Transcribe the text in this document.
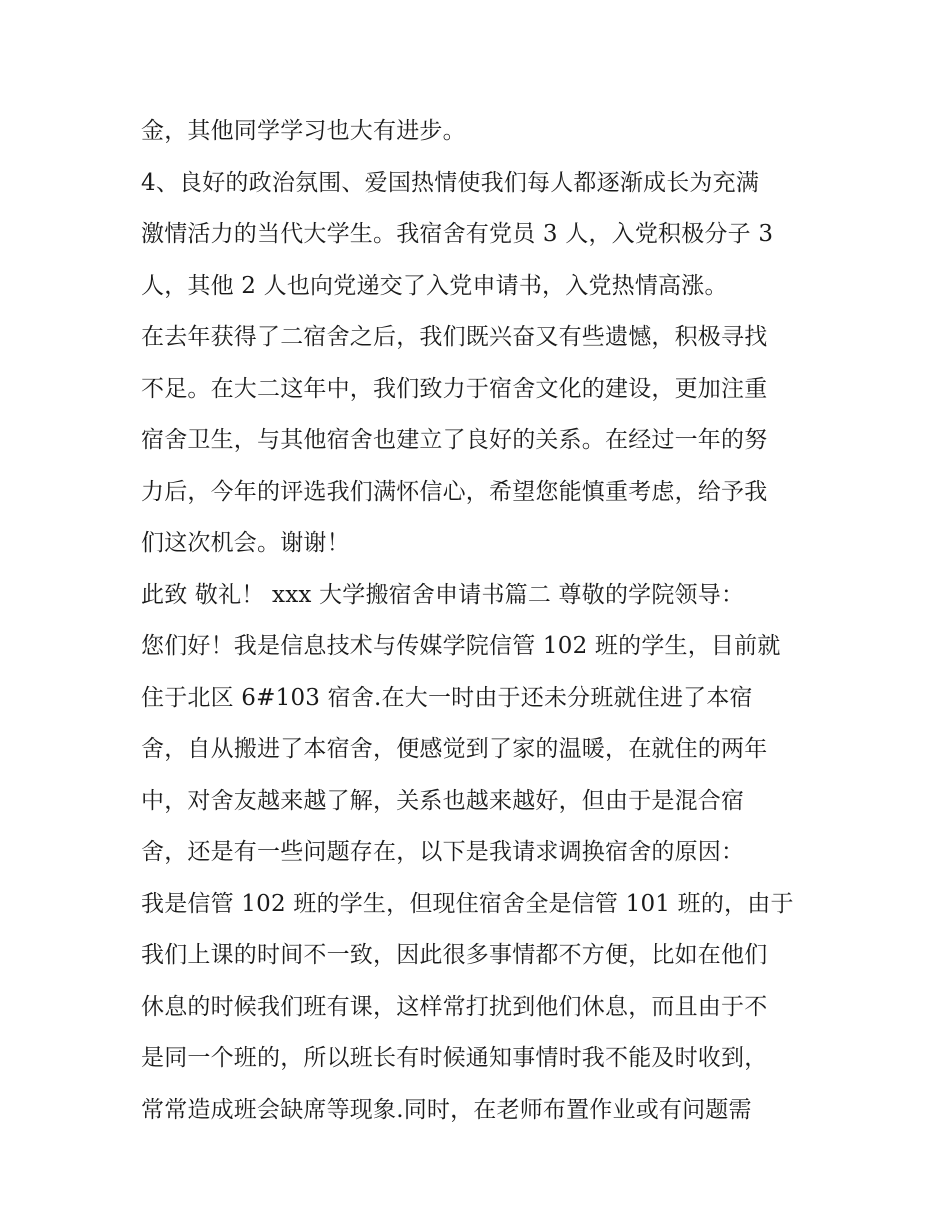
金，其他同学学习也大有进步。
4、良好的政治氛围、爱国热情使我们每人都逐渐成长为充满
激情活力的当代大学生。我宿舍有党员 3 人，入党积极分子 3
人，其他 2 人也向党递交了入党申请书，入党热情高涨。
在去年获得了二宿舍之后，我们既兴奋又有些遗憾，积极寻找
不足。在大二这年中，我们致力于宿舍文化的建设，更加注重
宿舍卫生，与其他宿舍也建立了良好的关系。在经过一年的努
力后，今年的评选我们满怀信心，希望您能慎重考虑，给予我
们这次机会。谢谢！
此致 敬礼！ xxx 大学搬宿舍申请书篇二 尊敬的学院领导：
您们好！我是信息技术与传媒学院信管 102 班的学生，目前就
住于北区 6#103 宿舍.在大一时由于还未分班就住进了本宿
舍，自从搬进了本宿舍，便感觉到了家的温暖，在就住的两年
中，对舍友越来越了解，关系也越来越好，但由于是混合宿
舍，还是有一些问题存在，以下是我请求调换宿舍的原因：
我是信管 102 班的学生，但现住宿舍全是信管 101 班的，由于
我们上课的时间不一致，因此很多事情都不方便，比如在他们
休息的时候我们班有课，这样常打扰到他们休息，而且由于不
是同一个班的，所以班长有时候通知事情时我不能及时收到，
常常造成班会缺席等现象.同时，在老师布置作业或有问题需
